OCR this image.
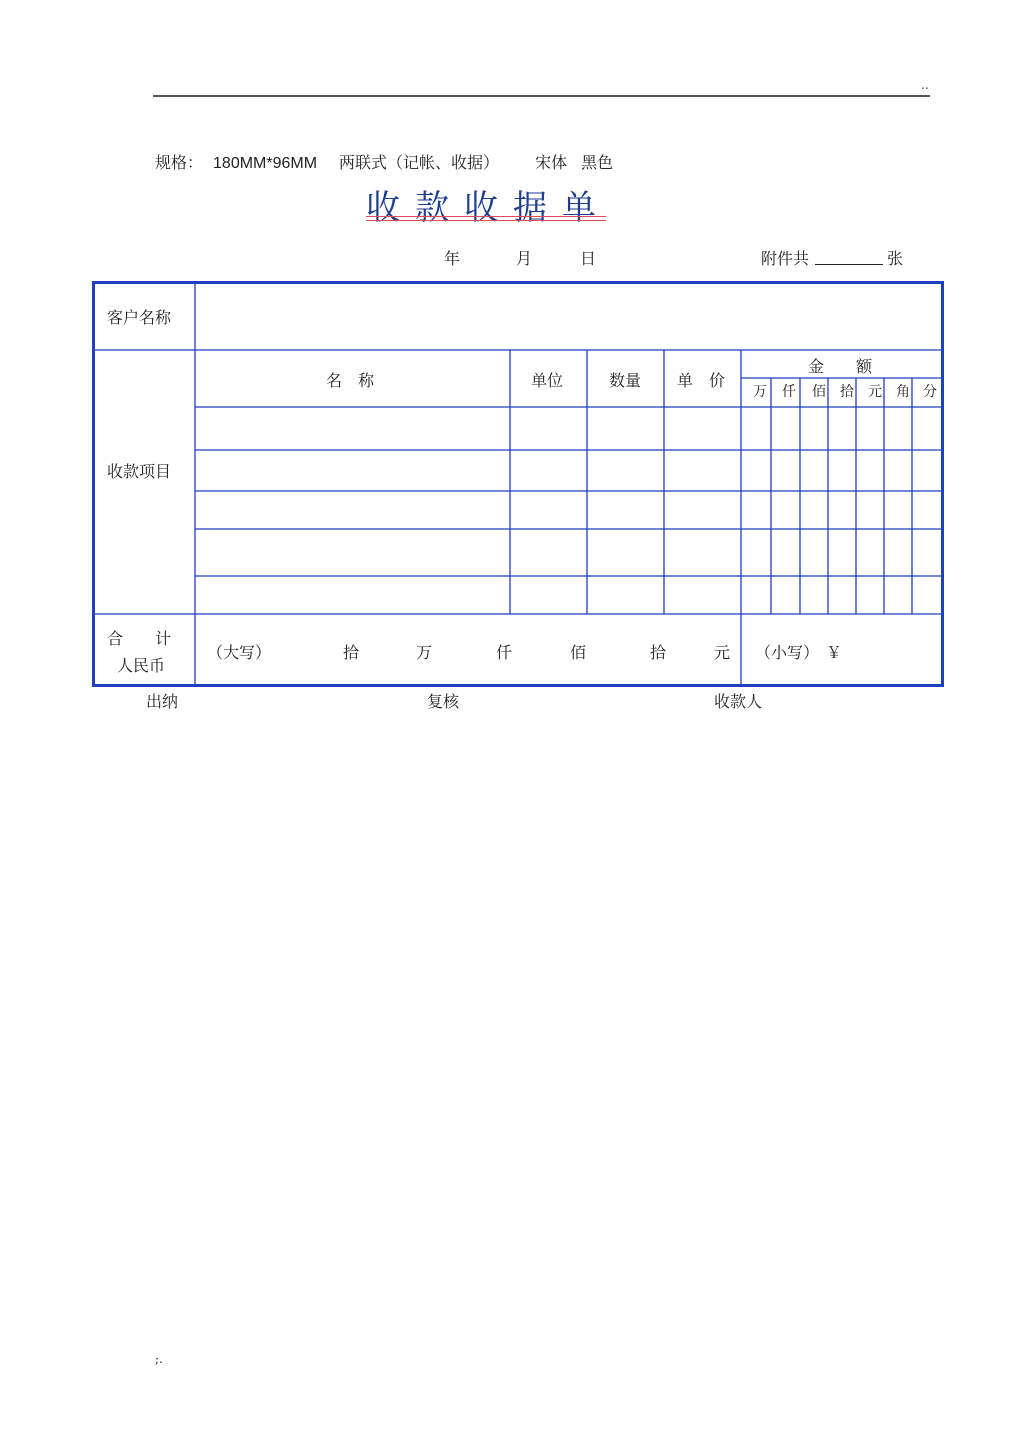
..
规格： 180MM*96MM 两联式（记帐、收据） 宋体 黑色
收款收据单
年	月	日	附件共	张
客户名称
收款项目
名　称	单位	数量 单　价
金　　额
万 仟 佰 拾 元 角 分
合　　计
人民币
（大写）	拾	万	仟	佰	拾	元 （小写） ￥
出纳	复核	收款人
;.
